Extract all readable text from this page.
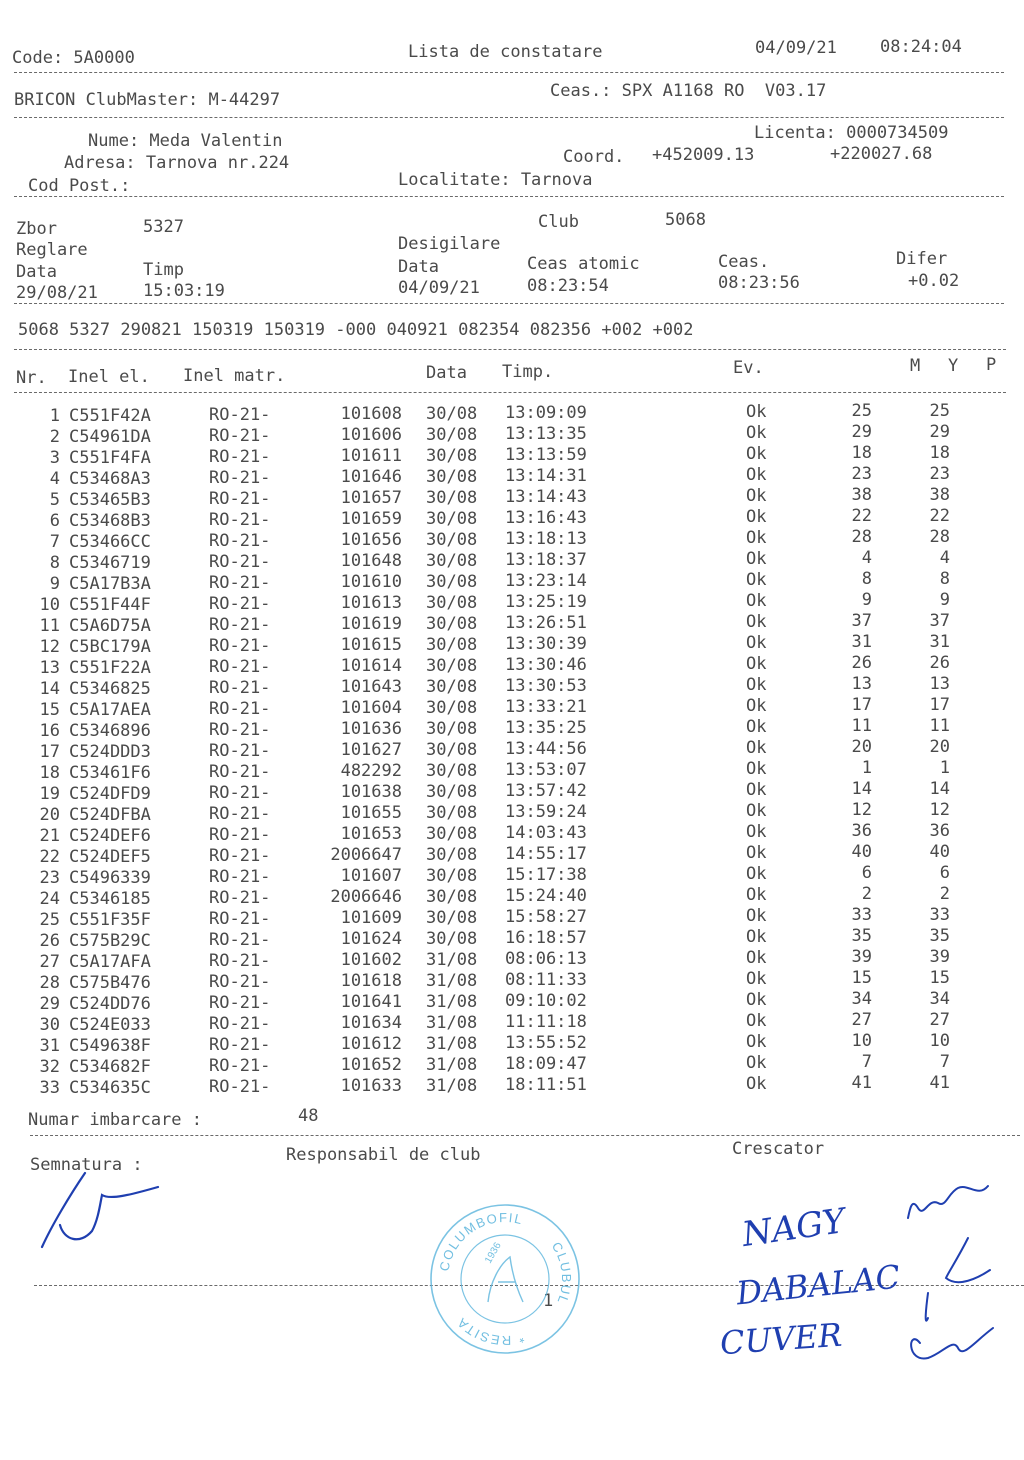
Code: 5A0000	Lista de constatare	04/09/21	08:24:04
BRICON ClubMaster: M-44297	Ceas.: SPX A1168 RO  V03.17
Nume: Meda Valentin
Adresa: Tarnova nr.224
Cod Post.:
Licenta: 0000734509
Coord. +452009.13	+220027.68
Localitate: Tarnova
Zbor	5327	Club	5068
Reglare	Desigilare
Data	Timp	Data	Ceas atomic	Ceas.	Difer
29/08/21	15:03:19	04/09/21	08:23:54	08:23:56	+0.02
5068 5327 290821 150319 150319 -000 040921 082354 082356 +002 +002
Nr. Inel el. Inel matr.	Data Timp.	Ev.	M Y P
1 C551F42A	RO-21-	101608 30/08 13:09:09	Ok	25	25
2 C54961DA	RO-21-	101606 30/08 13:13:35	Ok	29	29
3 C551F4FA	RO-21-	101611 30/08 13:13:59	Ok	18	18
4 C53468A3	RO-21-	101646 30/08 13:14:31	Ok	23	23
5 C53465B3	RO-21-	101657 30/08 13:14:43	Ok	38	38
6 C53468B3	RO-21-	101659 30/08 13:16:43	Ok	22	22
7 C53466CC	RO-21-	101656 30/08 13:18:13	Ok	28	28
8 C5346719	RO-21-	101648 30/08 13:18:37	Ok	4	4
9 C5A17B3A	RO-21-	101610 30/08 13:23:14	Ok	8	8
10 C551F44F	RO-21-	101613 30/08 13:25:19	Ok	9	9
11 C5A6D75A	RO-21-	101619 30/08 13:26:51	Ok	37	37
12 C5BC179A	RO-21-	101615 30/08 13:30:39	Ok	31	31
13 C551F22A	RO-21-	101614 30/08 13:30:46	Ok	26	26
14 C5346825	RO-21-	101643 30/08 13:30:53	Ok	13	13
15 C5A17AEA	RO-21-	101604 30/08 13:33:21	Ok	17	17
16 C5346896	RO-21-	101636 30/08 13:35:25	Ok	11	11
17 C524DDD3	RO-21-	101627 30/08 13:44:56	Ok	20	20
18 C53461F6	RO-21-	482292 30/08 13:53:07	Ok	1	1
19 C524DFD9	RO-21-	101638 30/08 13:57:42	Ok	14	14
20 C524DFBA	RO-21-	101655 30/08 13:59:24	Ok	12	12
21 C524DEF6	RO-21-	101653 30/08 14:03:43	Ok	36	36
22 C524DEF5	RO-21-	2006647 30/08 14:55:17	Ok	40	40
23 C5496339	RO-21-	101607 30/08 15:17:38	Ok	6	6
24 C5346185	RO-21-	2006646 30/08 15:24:40	Ok	2	2
25 C551F35F	RO-21-	101609 30/08 15:58:27	Ok	33	33
26 C575B29C	RO-21-	101624 30/08 16:18:57	Ok	35	35
27 C5A17AFA	RO-21-	101602 31/08 08:06:13	Ok	39	39
28 C575B476	RO-21-	101618 31/08 08:11:33	Ok	15	15
29 C524DD76	RO-21-	101641 31/08 09:10:02	Ok	34	34
30 C524E033	RO-21-	101634 31/08 11:11:18	Ok	27	27
31 C549638F	RO-21-	101612 31/08 13:55:52	Ok	10	10
32 C534682F	RO-21-	101652 31/08 18:09:47	Ok	7	7
33 C534635C	RO-21-	101633 31/08 18:11:51	Ok	41	41
Numar imbarcare :	48
Semnatura :	Responsabil de club	Crescator
1
NAGY
DABALAC
CUVER
COLUMBOFIL
CLUBUL
* RESITA
1936
